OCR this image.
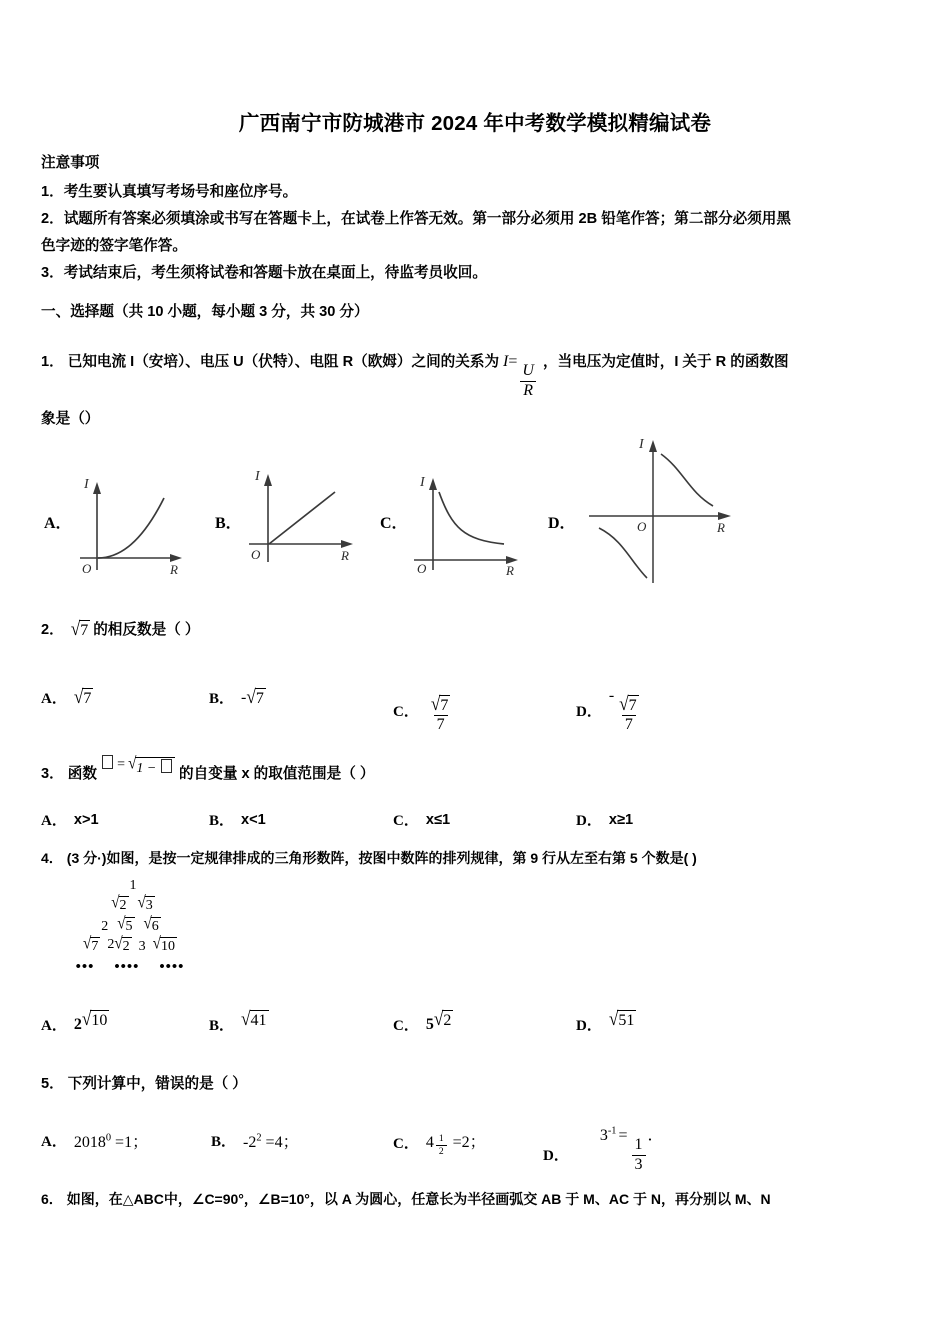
广西南宁市防城港市 2024 年中考数学模拟精编试卷

注意事项

1．考生要认真填写考场号和座位序号。

2．试题所有答案必须填涂或书写在答题卡上，在试卷上作答无效。第一部分必须用 2B 铅笔作答；第二部分必须用黑

色字迹的签字笔作答。

3．考试结束后，考生须将试卷和答题卡放在桌面上，待监考员收回。

一、选择题（共 10 小题，每小题 3 分，共 30 分）
1． 已知电流 I（安培）、电压 U（伏特）、电阻 R（欧姆）之间的关系为 I=
$\frac{U}{R}$
，当电压为定值时，I 关于 R 的函数图
象是（）
A．
I
O	R
B．
I
O	R
C．
I
O	R
D．
I
O	R
2． √ 7 的相反数是（ ）
A． √ 7	B． - √ 7
C． $\frac{√ 7}{7}$	D．
- $\frac{√ 7}{7}$
3． 函数= √ 1 −	的自变量 x 的取值范围是（ ）
A． x>1	B． x<1	C． x≤1	D． x≥1
4． (3 分·)如图，是按一定规律排成的三角形数阵，按图中数阵的排列规律，第 9 行从左至右第 5 个数是( )
1
√ 2 √ 3
2 √ 5 √ 6
√ 7 2 √ 2 3 √ 10
••• •••• ••••
A． 2 √ 10	B． √ 41	C． 5 √ 2	D． √ 51
5． 下列计算中，错误的是（ ）
A． $2018^0 =1$；	B． $-2^2 =4$；	C． 4 $^{\frac{1}{2}}$ =2；
D．
$3^{-1}$ =
$\frac{1}{3}$
．
6． 如图，在△ABC中，∠C=90°，∠B=10°，以 A 为圆心，任意长为半径画弧交 AB 于 M、AC 于 N，再分别以 M、N
